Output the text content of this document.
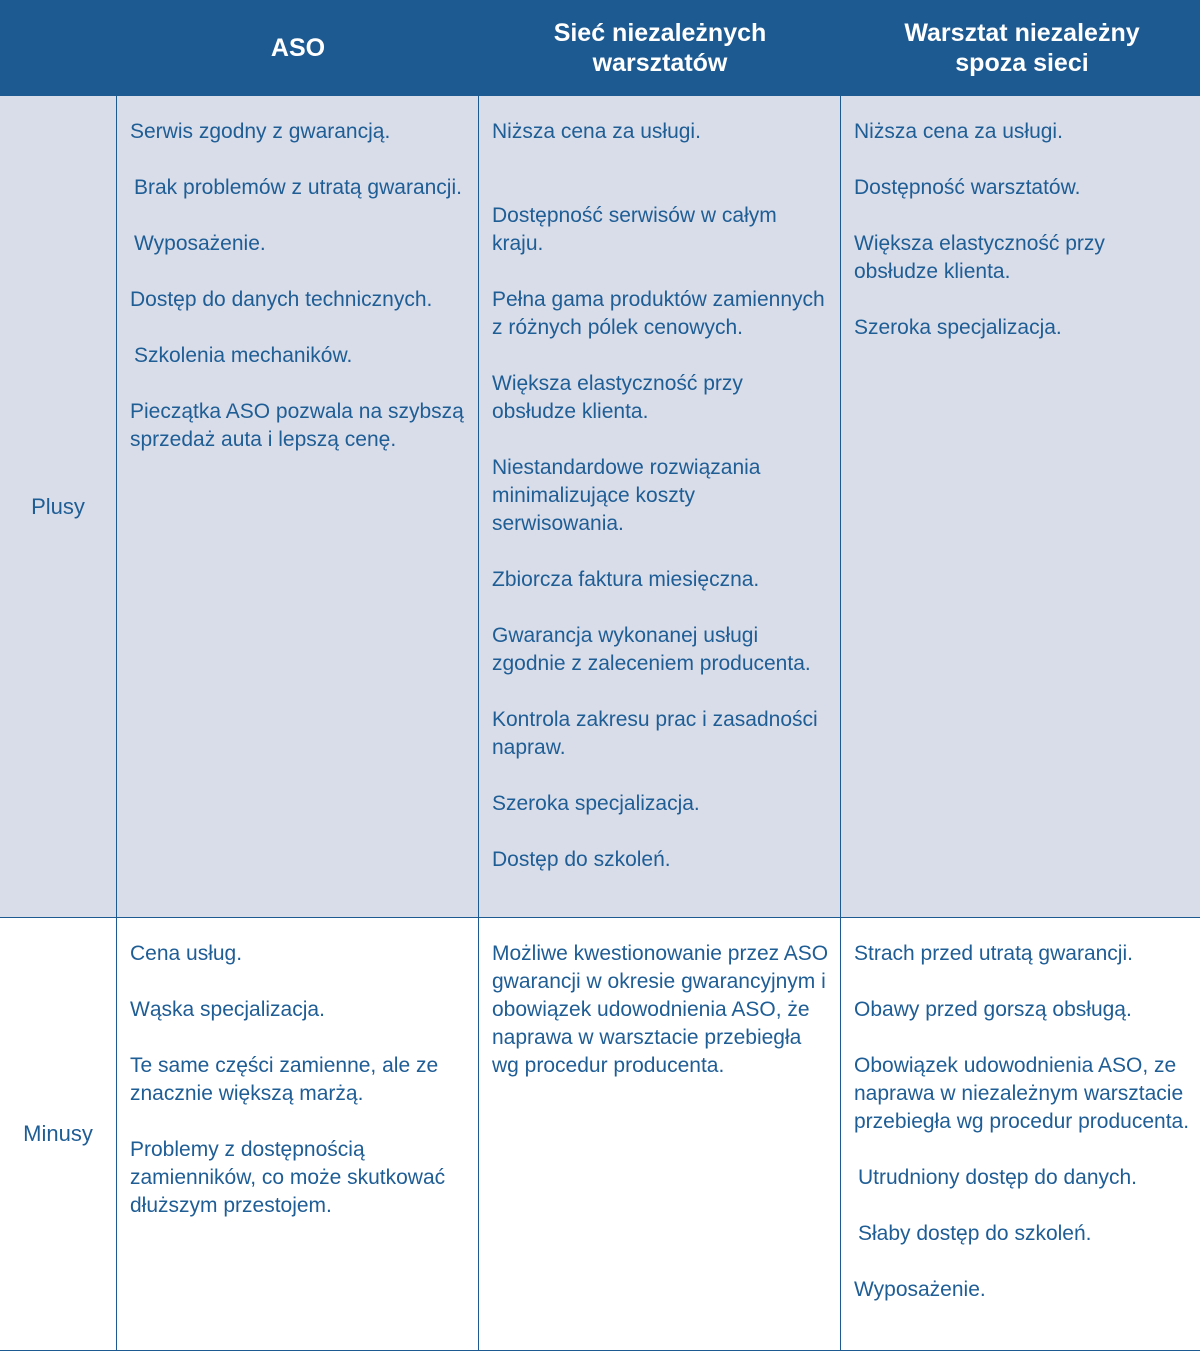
ASO
Sieć niezależnych
warsztatów
Warsztat niezależny
spoza sieci
Plusy
Minusy
Serwis zgodny z gwarancją.
Brak problemów z utratą gwarancji.
Wyposażenie.
Dostęp do danych technicznych.
Szkolenia mechaników.
Pieczątka ASO pozwala na szybszą sprzedaż auta i lepszą cenę.
Niższa cena za usługi.
Dostępność serwisów w całym kraju.
Pełna gama produktów zamiennych z różnych pólek cenowych.
Większa elastyczność przy obsłudze klienta.
Niestandardowe rozwiązania minimalizujące koszty serwisowania.
Zbiorcza faktura miesięczna.
Gwarancja wykonanej usługi zgodnie z zaleceniem producenta.
Kontrola zakresu prac i zasadności napraw.
Szeroka specjalizacja.
Dostęp do szkoleń.
Niższa cena za usługi.
Dostępność warsztatów.
Większa elastyczność przy obsłudze klienta.
Szeroka specjalizacja.
Cena usług.
Wąska specjalizacja.
Te same części zamienne, ale ze znacznie większą marżą.
Problemy z dostępnością zamienników, co może skutkować dłuższym przestojem.
Możliwe kwestionowanie przez ASO gwarancji w okresie gwarancyjnym i obowiązek udowodnienia ASO, że naprawa w warsztacie przebiegła wg procedur producenta.
Strach przed utratą gwarancji.
Obawy przed gorszą obsługą.
Obowiązek udowodnienia ASO, ze naprawa w niezależnym warsztacie przebiegła wg procedur producenta.
Utrudniony dostęp do danych.
Słaby dostęp do szkoleń.
Wyposażenie.
